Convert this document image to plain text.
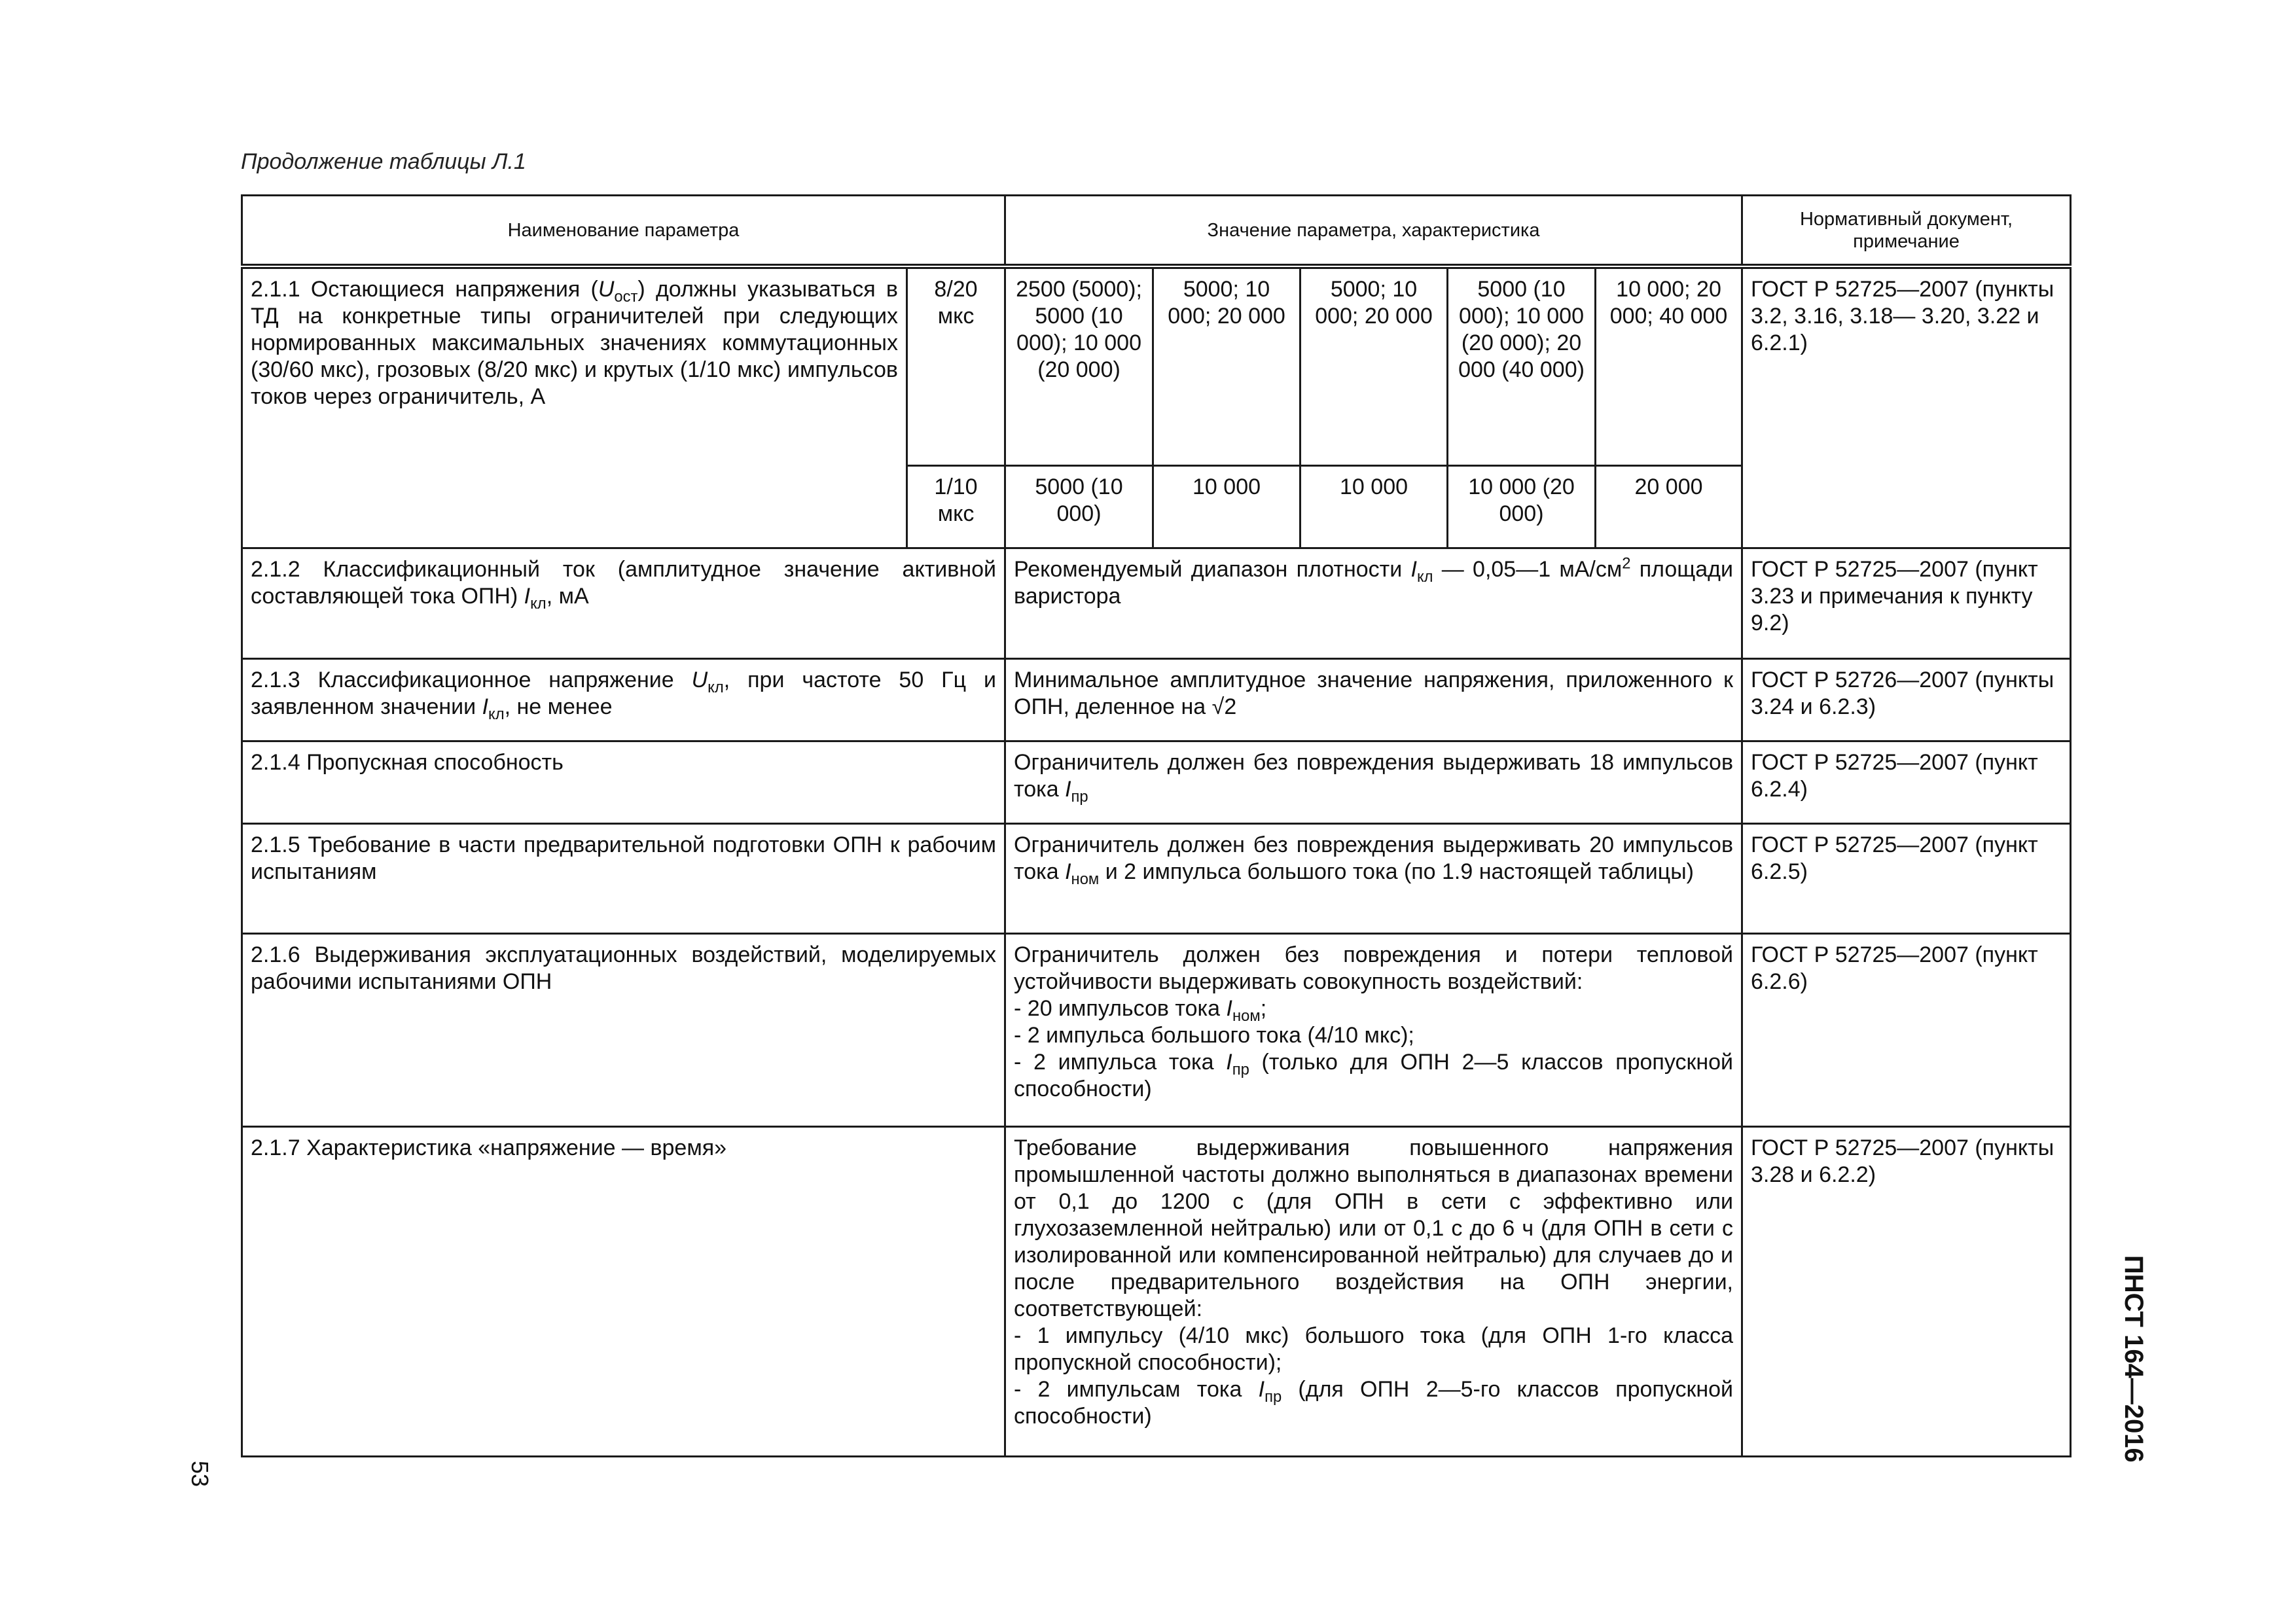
Продолжение таблицы Л.1
Наименование параметра		Значение параметра, характеристика					Нормативный документ, примечание
2.1.1 Остающиеся напряжения $(U_{ост})$ должны указываться в ТД на конкретные типы ограничителей при следующих нормированных максимальных значениях коммутационных (30/60 мкс), грозовых (8/20 мкс) и крутых (1/10 мкс) импульсов токов через ограничитель, А	8/20 мкс	2500 (5000); 5000 (10 000); 10 000 (20 000)	5000; 10 000; 20 000	5000; 10 000; 20 000	5000 (10 000); 10 000 (20 000); 20 000 (40 000)	10 000; 20 000; 40 000	ГОСТ Р 52725—2007 (пункты 3.2, 3.16, 3.18— 3.20, 3.22 и 6.2.1)
	1/10 мкс	5000 (10 000)	10 000	10 000	10 000 (20 000)	20 000	
2.1.2 Классификационный ток (амплитудное значение активной составляющей тока ОПН) $I_{кл}$, мА		Рекомендуемый диапазон плотности $I_{кл}$ — 0,05—1 $мА/см^2$ площади варистора					ГОСТ Р 52725—2007 (пункт 3.23 и примечания к пункту 9.2)
2.1.3 Классификационное напряжение $U_{кл}$, при частоте 50 Гц и заявленном значении $I_{кл}$, не менее		Минимальное амплитудное значение напряжения, приложенного к ОПН, деленное на √2					ГОСТ Р 52726—2007 (пункты 3.24 и 6.2.3)
2.1.4 Пропускная способность		Ограничитель должен без повреждения выдерживать 18 импульсов тока $I_{пр}$					ГОСТ Р 52725—2007 (пункт 6.2.4)
2.1.5 Требование в части предварительной подготовки ОПН к рабочим испытаниям		Ограничитель должен без повреждения выдерживать 20 импульсов тока $I_{ном}$ и 2 импульса большого тока (по 1.9 настоящей таблицы)					ГОСТ Р 52725—2007 (пункт 6.2.5)
2.1.6 Выдерживания эксплуатационных воздействий, моделируемых рабочими испытаниями ОПН		Ограничитель должен без повреждения и потери тепловой устойчивости выдерживать совокупность воздействий:
- 20 импульсов тока $I_{ном}$;
- 2 импульса большого тока (4/10 мкс);
- 2 импульса тока $I_{пр}$ (только для ОПН 2—5 классов пропускной способности)					ГОСТ Р 52725—2007 (пункт 6.2.6)
2.1.7 Характеристика «напряжение — время»		Требование выдерживания повышенного напряжения промышленной частоты должно выполняться в диапазонах времени от 0,1 до 1200 с (для ОПН в сети с эффективно или глухозаземленной нейтралью) или от 0,1 с до 6 ч (для ОПН в сети с изолированной или компенсированной нейтралью) для случаев до и после предварительного воздействия на ОПН энергии, соответствующей:
- 1 импульсу (4/10 мкс) большого тока (для ОПН 1-го класса пропускной способности);
- 2 импульсам тока $I_{пр}$ (для ОПН 2—5-го классов пропускной способности)					ГОСТ Р 52725—2007 (пункты 3.28 и 6.2.2)
53
ПНСТ 164—2016
